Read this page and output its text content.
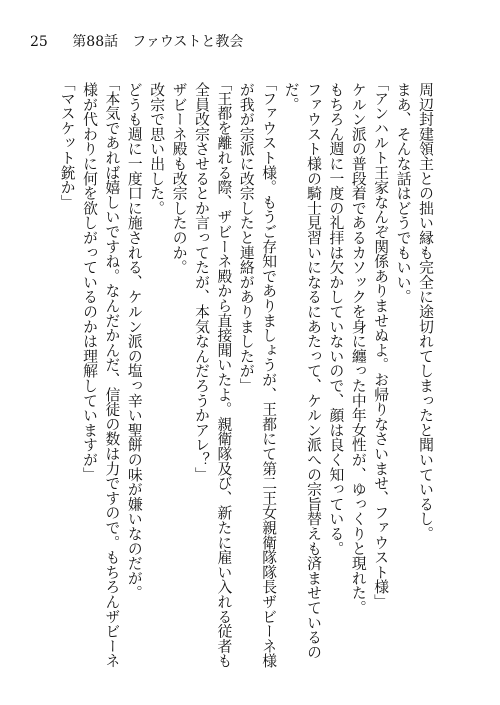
25 第88話　ファウストと教会
周辺封建領主との拙い縁も完全に途切れてしまったと聞いているし。
まあ、そんな話はどうでもいい。
「アンハルト王家なんぞ関係ありませぬよ。お帰りなさいませ、ファウスト様」
ケルン派の普段着であるカソックを身に纏った中年女性が、ゆっくりと現れた。
もちろん週に一度の礼拝は欠かしていないので、顔は良く知っている。
ファウスト様の騎士見習いになるにあたって、ケルン派への宗旨替えも済ませているの
だ。
「ファウスト様。もうご存知でありましょうが、王都にて第二王女親衛隊隊長ザビーネ様
が我が宗派に改宗したと連絡がありましたが」
「王都を離れる際、ザビーネ殿から直接聞いたよ。親衛隊及び、新たに雇い入れる従者も
全員改宗させるとか言ってたが、本気なんだろうかアレ？」
ザビーネ殿も改宗したのか。
改宗で思い出した。
どうも週に一度口に施される、ケルン派の塩っ辛い聖餅の味が嫌いなのだが。
「本気であれば嬉しいですね。なんだかんだ、信徒の数は力ですので。もちろんザビーネ
様が代わりに何を欲しがっているのかは理解していますが」
「マスケット銃か」
